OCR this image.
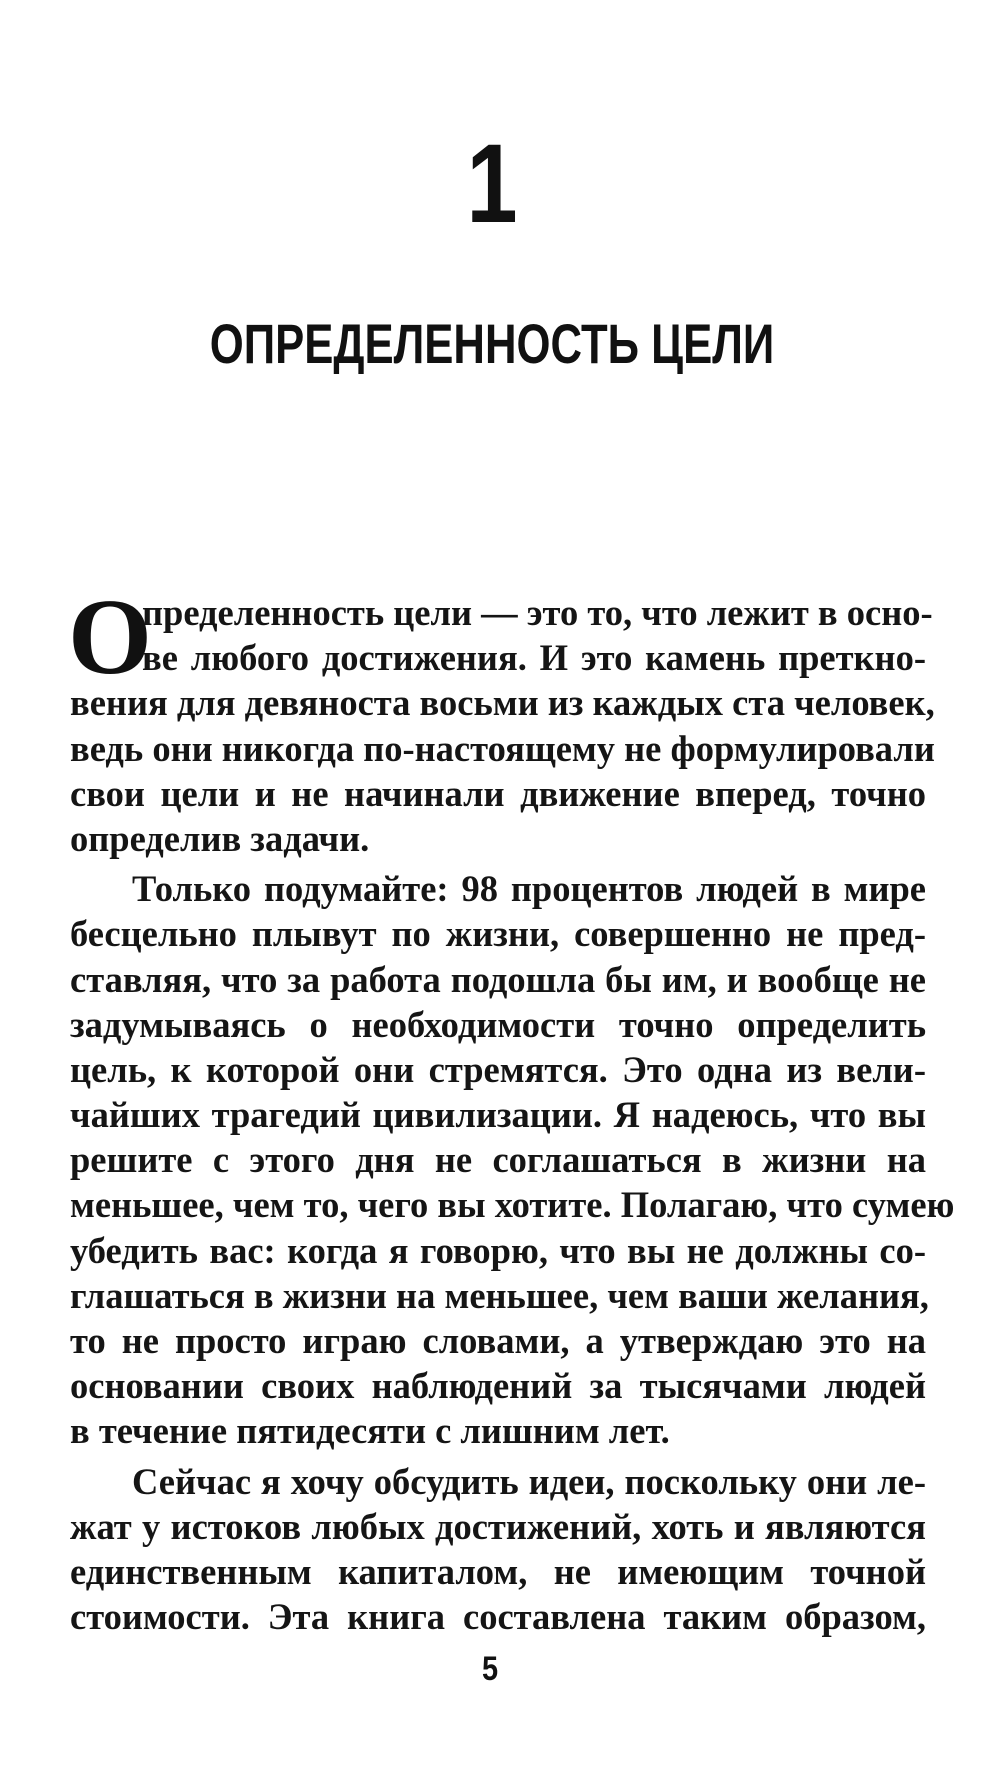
1
ОПРЕДЕЛЕННОСТЬ ЦЕЛИ
О
пределенность цели — это то, что лежит в осно-
ве любого достижения. И это камень преткно-
вения для девяноста восьми из каждых ста человек,
ведь они никогда по-настоящему не формулировали
свои цели и не начинали движение вперед, точно
определив задачи.
Только подумайте: 98 процентов людей в мире
бесцельно плывут по жизни, совершенно не пред-
ставляя, что за работа подошла бы им, и вообще не
задумываясь о необходимости точно определить
цель, к которой они стремятся. Это одна из вели-
чайших трагедий цивилизации. Я надеюсь, что вы
решите с этого дня не соглашаться в жизни на
меньшее, чем то, чего вы хотите. Полагаю, что сумею
убедить вас: когда я говорю, что вы не должны со-
глашаться в жизни на меньшее, чем ваши желания,
то не просто играю словами, а утверждаю это на
основании своих наблюдений за тысячами людей
в течение пятидесяти с лишним лет.
Сейчас я хочу обсудить идеи, поскольку они ле-
жат у истоков любых достижений, хоть и являются
единственным капиталом, не имеющим точной
стоимости. Эта книга составлена таким образом,
5
